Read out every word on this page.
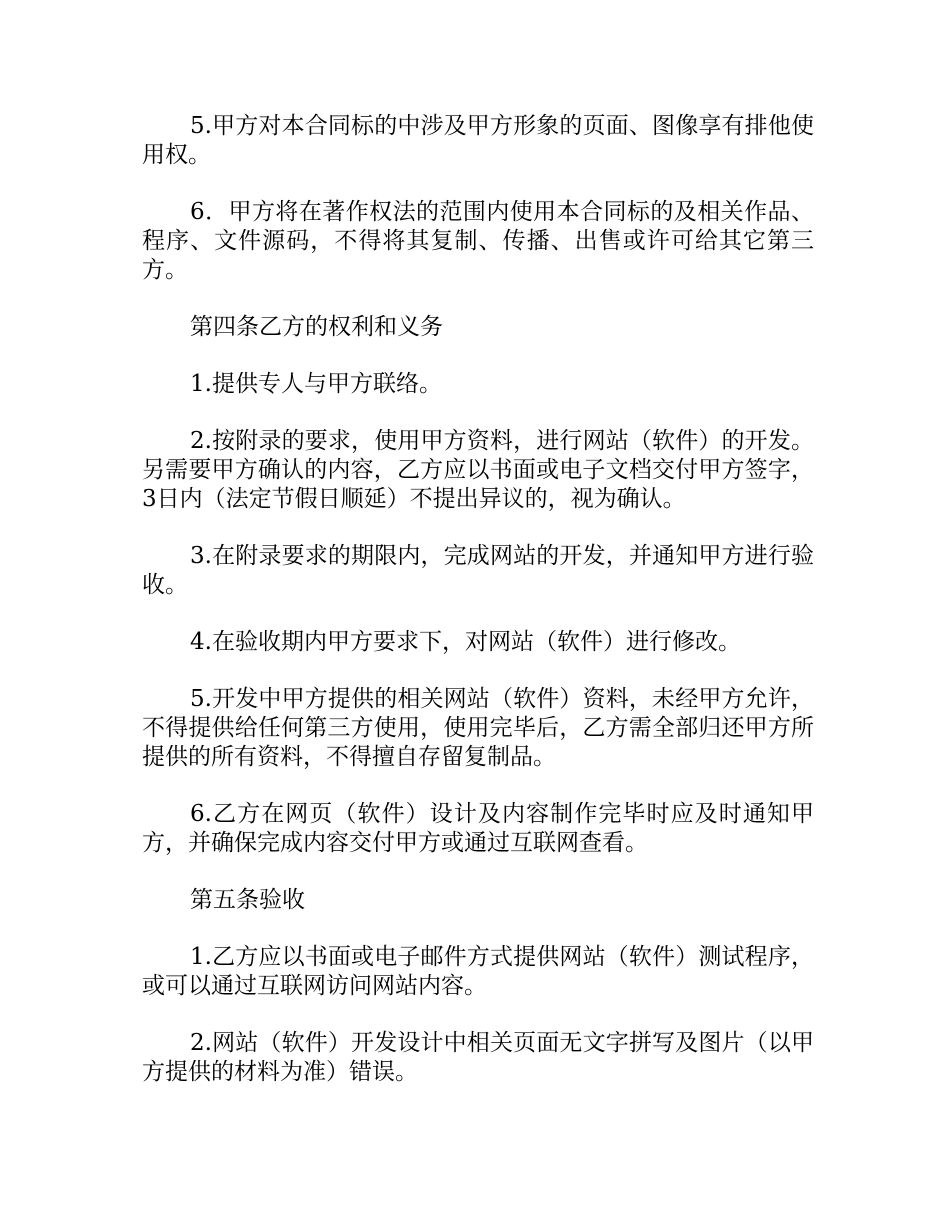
5.甲方对本合同标的中涉及甲方形象的页面、图像享有排他使用权。

6．甲方将在著作权法的范围内使用本合同标的及相关作品、程序、文件源码，不得将其复制、传播、出售或许可给其它第三方。

第四条乙方的权利和义务

1.提供专人与甲方联络。

2.按附录的要求，使用甲方资料，进行网站（软件）的开发。另需要甲方确认的内容，乙方应以书面或电子文档交付甲方签字，3日内（法定节假日顺延）不提出异议的，视为确认。

3.在附录要求的期限内，完成网站的开发，并通知甲方进行验收。

4.在验收期内甲方要求下，对网站（软件）进行修改。

5.开发中甲方提供的相关网站（软件）资料，未经甲方允许，不得提供给任何第三方使用，使用完毕后，乙方需全部归还甲方所提供的所有资料，不得擅自存留复制品。

6.乙方在网页（软件）设计及内容制作完毕时应及时通知甲方，并确保完成内容交付甲方或通过互联网查看。

第五条验收

1.乙方应以书面或电子邮件方式提供网站（软件）测试程序，或可以通过互联网访问网站内容。

2.网站（软件）开发设计中相关页面无文字拼写及图片（以甲方提供的材料为准）错误。
